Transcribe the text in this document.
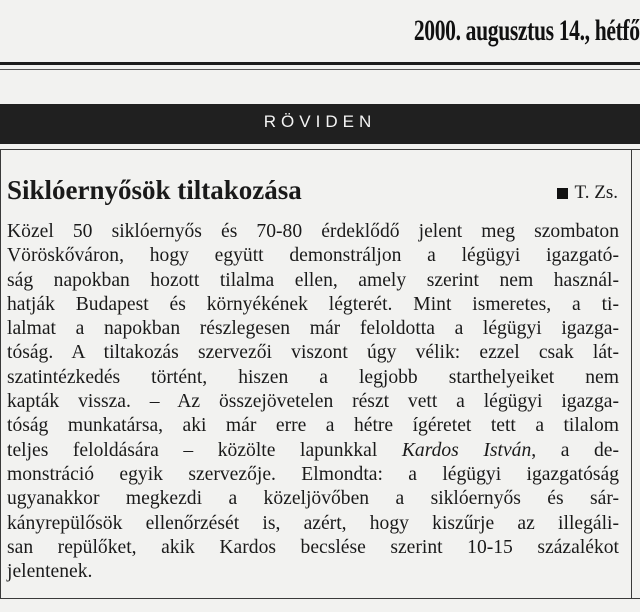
2000. augusztus 14., hétfő
RÖVIDEN
Siklóernyősök tiltakozása	T. Zs.
Közel 50 siklóernyős és 70-80 érdeklődő jelent meg szombaton
Vöröskőváron, hogy együtt demonstráljon a légügyi igazgató-
ság napokban hozott tilalma ellen, amely szerint nem használ-
hatják Budapest és környékének légterét. Mint ismeretes, a ti-
lalmat a napokban részlegesen már feloldotta a légügyi igazga-
tóság. A tiltakozás szervezői viszont úgy vélik: ezzel csak lát-
szatintézkedés történt, hiszen a legjobb starthelyeiket nem
kapták vissza. – Az összejövetelen részt vett a légügyi igazga-
tóság munkatársa, aki már erre a hétre ígéretet tett a tilalom
teljes feloldására – közölte lapunkkal Kardos István, a de-
monstráció egyik szervezője. Elmondta: a légügyi igazgatóság
ugyanakkor megkezdi a közeljövőben a siklóernyős és sár-
kányrepülősök ellenőrzését is, azért, hogy kiszűrje az illegáli-
san repülőket, akik Kardos becslése szerint 10-15 százalékot
jelentenek.
